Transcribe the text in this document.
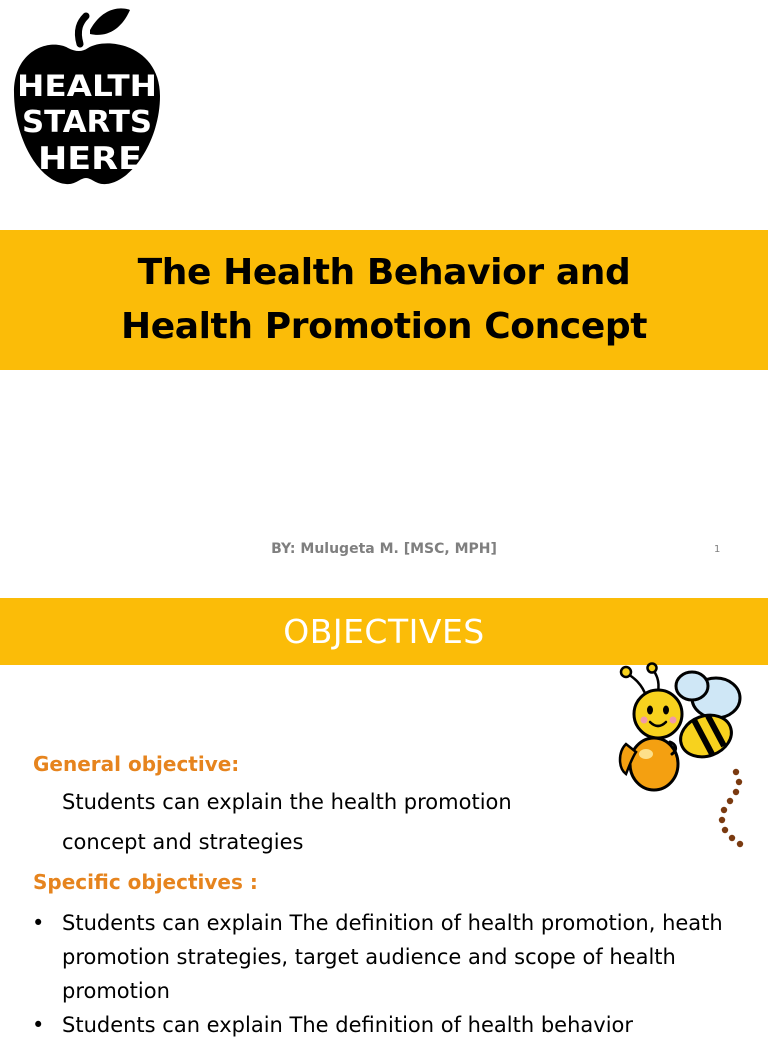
HEALTH
STARTS
HERE
The Health Behavior and
Health Promotion Concept
BY: Mulugeta M. [MSC, MPH]	1
OBJECTIVES
General objective:
Students can explain the health promotion
concept and strategies
Specific objectives :
• Students can explain The definition of health promotion, heath promotion strategies, target audience and scope of health promotion
• Students can explain The definition of health behavior
